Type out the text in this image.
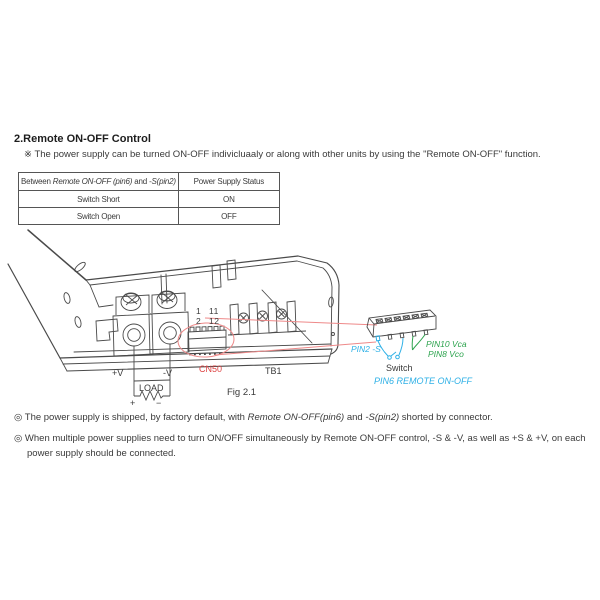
2.Remote ON-OFF Control
※ The power supply can be turned ON-OFF indivicluaaly or along with other units by using the "Remote ON-OFF" function.
Between Remote ON-OFF (pin6) and -S(pin2)	Power Supply Status
Switch Short	ON
Switch Open	OFF
1
2
11
12
+V	-V	CN50	TB1
LOAD
+ −
Fig 2.1
PIN2 -S	PIN10 Vca
PIN8 Vco
Switch
PIN6 REMOTE ON-OFF
◎ The power supply is shipped, by factory default, with Remote ON-OFF(pin6) and -S(pin2) shorted by connector.
◎ When multiple power supplies need to turn ON/OFF simultaneously by Remote ON-OFF control, -S & -V, as well as +S & +V, on each power supply should be connected.
